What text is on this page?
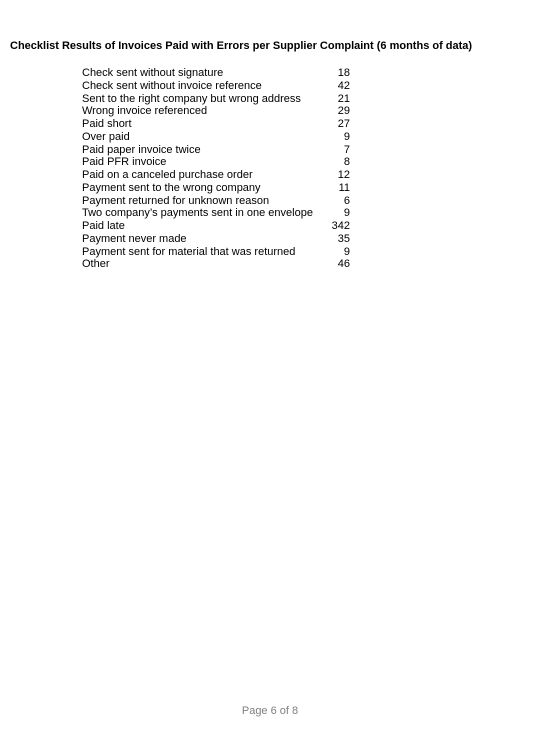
Checklist Results of Invoices Paid with Errors per Supplier Complaint (6 months of data)
Check sent without signature	18
Check sent without invoice reference	42
Sent to the right company but wrong address	21
Wrong invoice referenced	29
Paid short	27
Over paid	9
Paid paper invoice twice	7
Paid PFR invoice	8
Paid on a canceled purchase order	12
Payment sent to the wrong company	11
Payment returned for unknown reason	6
Two company’s payments sent in one envelope	9
Paid late	342
Payment never made	35
Payment sent for material that was returned	9
Other	46
Page 6 of 8
